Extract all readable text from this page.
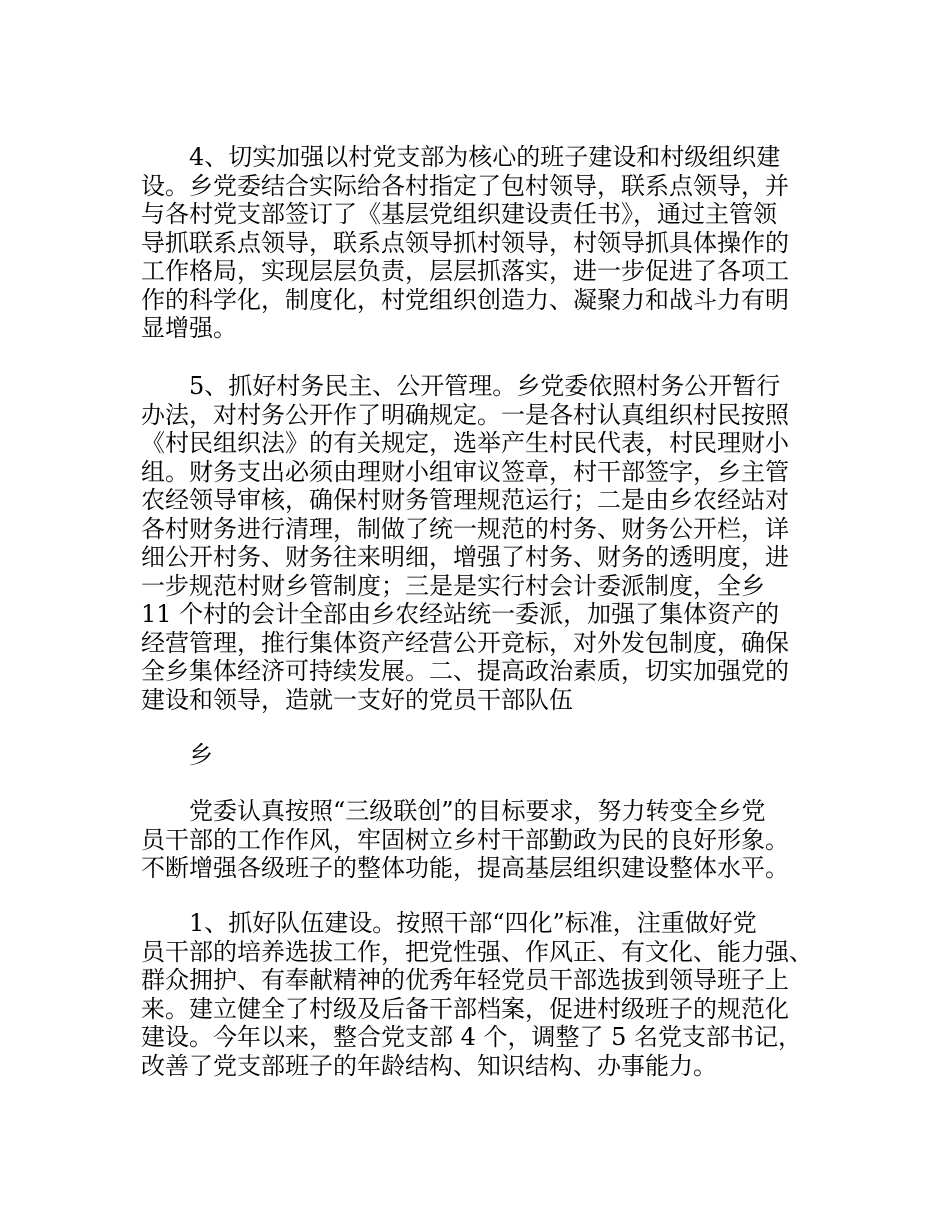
4、切实加强以村党支部为核心的班子建设和村级组织建
设。乡党委结合实际给各村指定了包村领导，联系点领导，并
与各村党支部签订了《基层党组织建设责任书》，通过主管领
导抓联系点领导，联系点领导抓村领导，村领导抓具体操作的
工作格局，实现层层负责，层层抓落实，进一步促进了各项工
作的科学化，制度化，村党组织创造力、凝聚力和战斗力有明
显增强。
5、抓好村务民主、公开管理。乡党委依照村务公开暂行
办法，对村务公开作了明确规定。一是各村认真组织村民按照
《村民组织法》的有关规定，选举产生村民代表，村民理财小
组。财务支出必须由理财小组审议签章，村干部签字，乡主管
农经领导审核，确保村财务管理规范运行；二是由乡农经站对
各村财务进行清理，制做了统一规范的村务、财务公开栏，详
细公开村务、财务往来明细，增强了村务、财务的透明度，进
一步规范村财乡管制度；三是是实行村会计委派制度，全乡
11 个村的会计全部由乡农经站统一委派，加强了集体资产的
经营管理，推行集体资产经营公开竞标，对外发包制度，确保
全乡集体经济可持续发展。二、提高政治素质，切实加强党的
建设和领导，造就一支好的党员干部队伍
乡
党委认真按照“三级联创”的目标要求，努力转变全乡党
员干部的工作作风，牢固树立乡村干部勤政为民的良好形象。
不断增强各级班子的整体功能，提高基层组织建设整体水平。
1、抓好队伍建设。按照干部“四化”标准，注重做好党
员干部的培养选拔工作，把党性强、作风正、有文化、能力强、
群众拥护、有奉献精神的优秀年轻党员干部选拔到领导班子上
来。建立健全了村级及后备干部档案，促进村级班子的规范化
建设。今年以来，整合党支部 4 个，调整了 5 名党支部书记，
改善了党支部班子的年龄结构、知识结构、办事能力。
